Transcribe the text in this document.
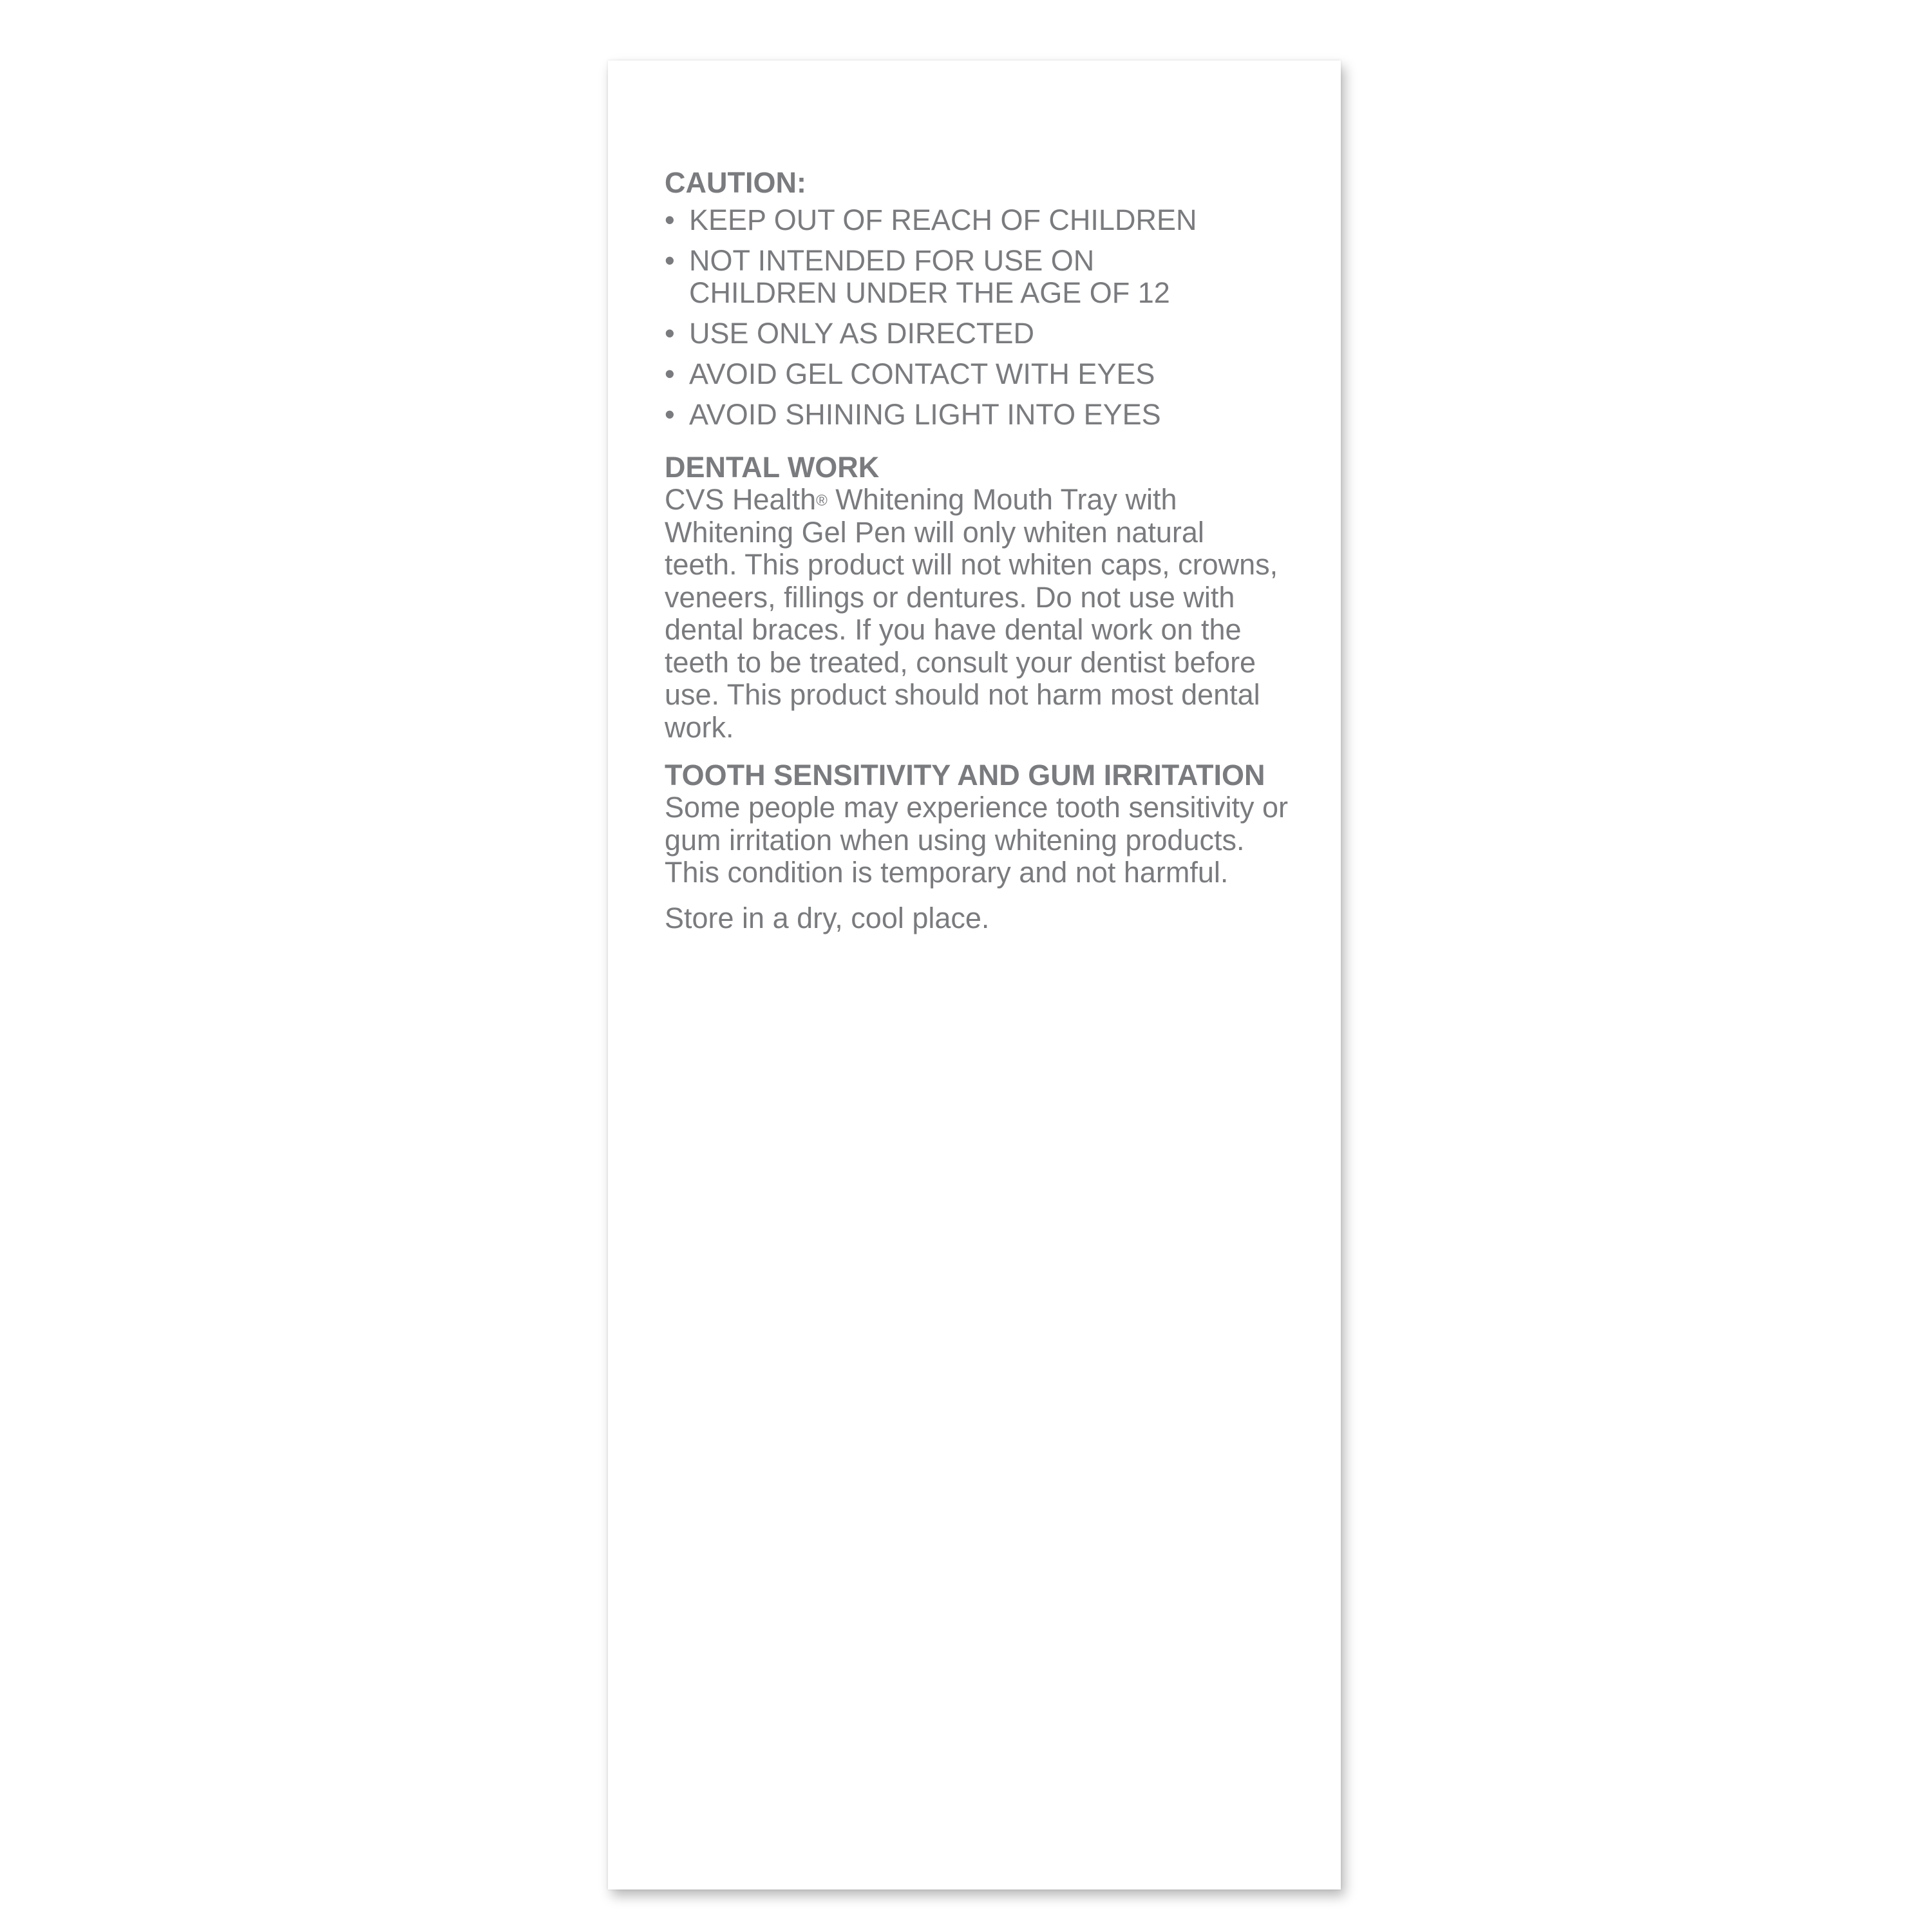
CAUTION:
• KEEP OUT OF REACH OF CHILDREN
• NOT INTENDED FOR USE ON CHILDREN UNDER THE AGE OF 12
• USE ONLY AS DIRECTED
• AVOID GEL CONTACT WITH EYES
• AVOID SHINING LIGHT INTO EYES
DENTAL WORK

CVS Health® Whitening Mouth Tray with Whitening Gel Pen will only whiten natural teeth. This product will not whiten caps, crowns, veneers, fillings or dentures. Do not use with dental braces. If you have dental work on the teeth to be treated, consult your dentist before use. This product should not harm most dental work.

TOOTH SENSITIVITY AND GUM IRRITATION

Some people may experience tooth sensitivity or gum irritation when using whitening products. This condition is temporary and not harmful.

Store in a dry, cool place.
